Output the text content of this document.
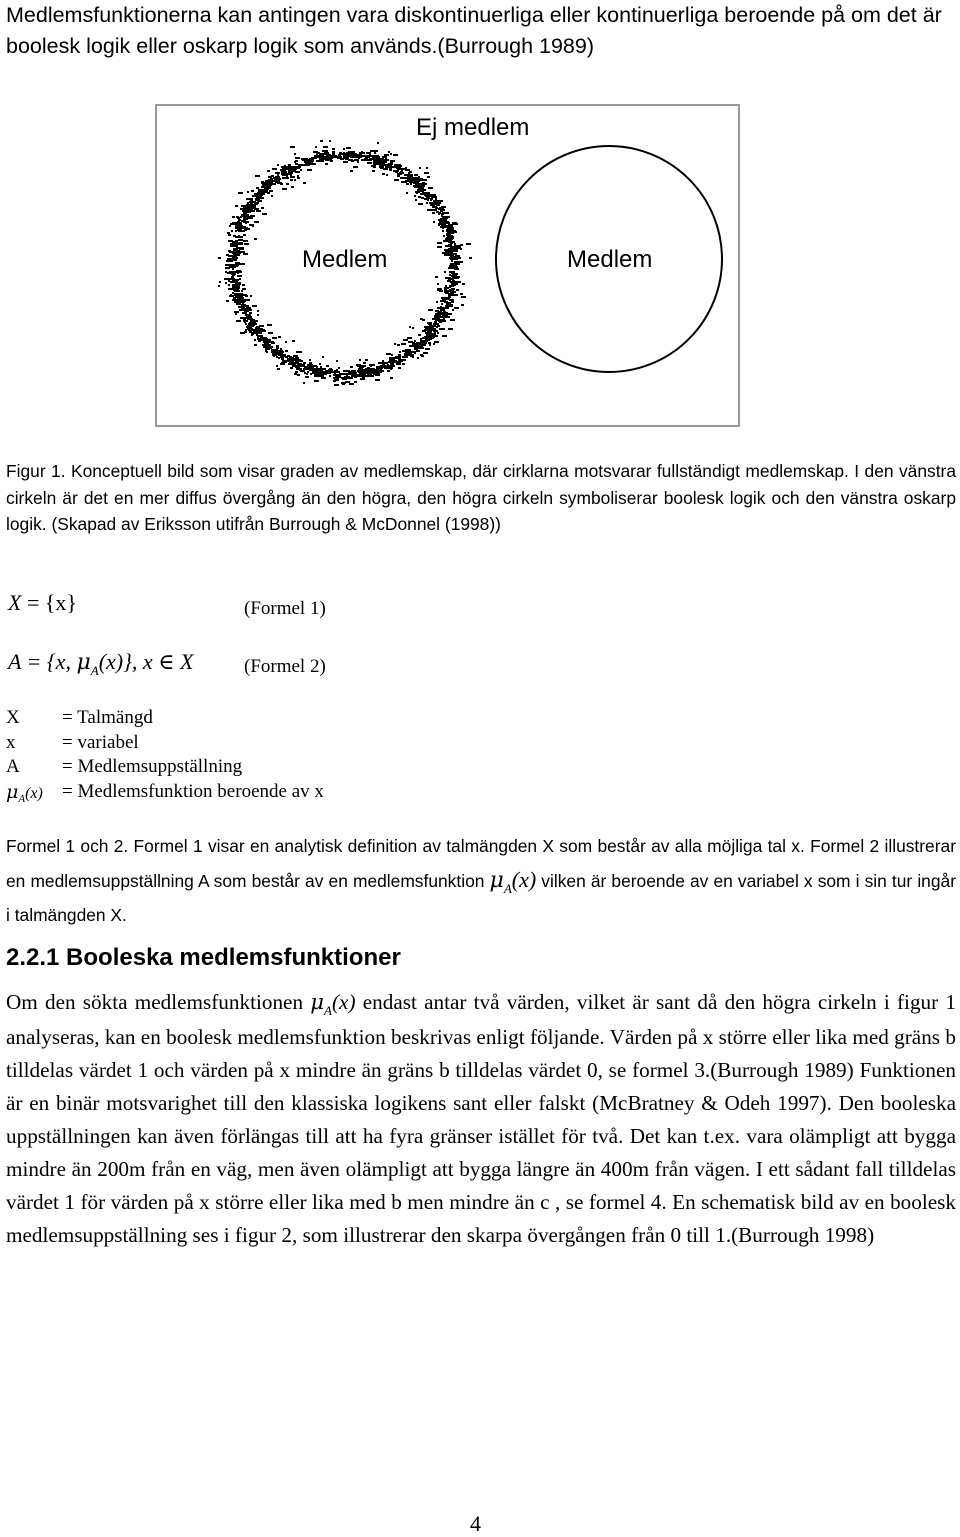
Medlemsfunktionerna kan antingen vara diskontinuerliga eller kontinuerliga beroende på om det är boolesk logik eller oskarp logik som används.(Burrough 1989)
Ej medlem
Medlem	Medlem
Figur 1. Konceptuell bild som visar graden av medlemskap, där cirklarna motsvarar fullständigt medlemskap. I den vänstra cirkeln är det en mer diffus övergång än den högra, den högra cirkeln symboliserar boolesk logik och den vänstra oskarp logik. (Skapad av Eriksson utifrån Burrough & McDonnel (1998))
X = {x}	(Formel 1)
A = {x, $\mu_A(x)$}, x ∈ X	(Formel 2)
X = Talmängd
x = variabel
A = Medlemsuppställning
$\mu_A(x)$ = Medlemsfunktion beroende av x
Formel 1 och 2. Formel 1 visar en analytisk definition av talmängden X som består av alla möjliga tal x. Formel 2 illustrerar en medlemsuppställning A som består av en medlemsfunktion $\mu_A(x)$ vilken är beroende av en variabel x som i sin tur ingår i talmängden X.
2.2.1 Booleska medlemsfunktioner
Om den sökta medlemsfunktionen $\mu_A(x)$ endast antar två värden, vilket är sant då den högra cirkeln i figur 1 analyseras, kan en boolesk medlemsfunktion beskrivas enligt följande. Värden på x större eller lika med gräns b tilldelas värdet 1 och värden på x mindre än gräns b tilldelas värdet 0, se formel 3.(Burrough 1989) Funktionen är en binär motsvarighet till den klassiska logikens sant eller falskt (McBratney & Odeh 1997). Den booleska uppställningen kan även förlängas till att ha fyra gränser istället för två. Det kan t.ex. vara olämpligt att bygga mindre än 200m från en väg, men även olämpligt att bygga längre än 400m från vägen. I ett sådant fall tilldelas värdet 1 för värden på x större eller lika med b men mindre än c , se formel 4. En schematisk bild av en boolesk medlemsuppställning ses i figur 2, som illustrerar den skarpa övergången från 0 till 1.(Burrough 1998)
4
